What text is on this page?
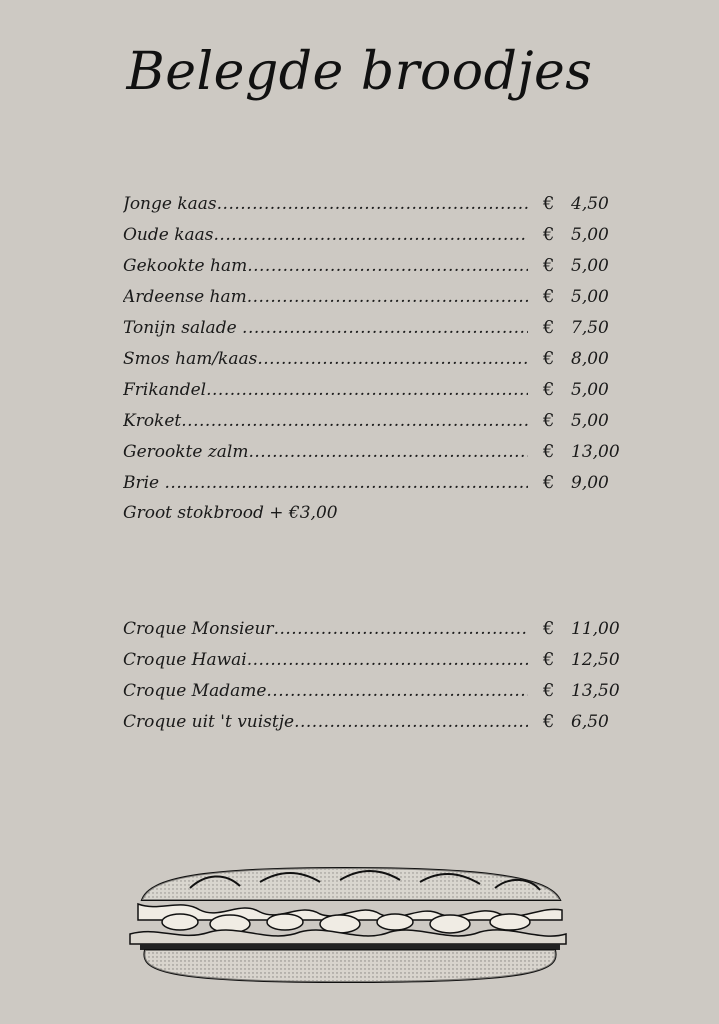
Belegde broodjes
Jonge kaas .....	€ 4,50
Oude kaas .....	€ 5,00
Gekookte ham .....	€ 5,00
Ardeense ham .....	€ 5,00
Tonijn salade .....	€ 7,50
Smos ham/kaas .....	€ 8,00
Frikandel .....	€ 5,00
Kroket .....	€ 5,00
Gerookte zalm .....	€ 13,00
Brie .....	€ 9,00
Groot stokbrood + €3,00
Croque Monsieur .....	€ 11,00
Croque Hawai .....	€ 12,50
Croque Madame .....	€ 13,50
Croque uit 't vuistje .....	€ 6,50
